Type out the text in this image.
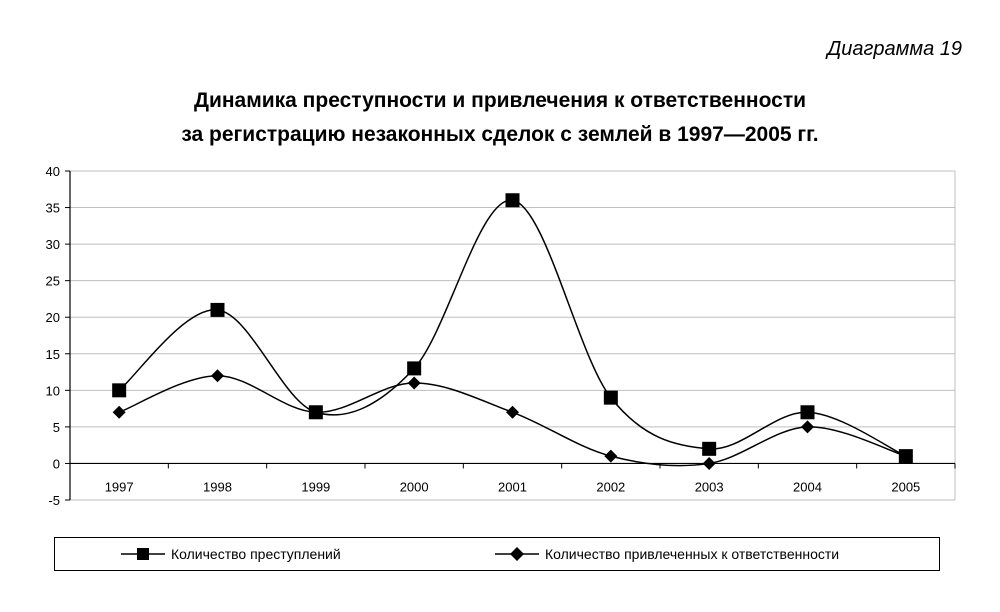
Диаграмма 19
Динамика преступности и привлечения к ответственности
за регистрацию незаконных сделок с землей в 1997—2005 гг.
-5
0
5
10
15
20
25
30
35
40
1997	1998	1999	2000	2001	2002	2003	2004	2005
Количество преступлений	Количество привлеченных к ответственности
